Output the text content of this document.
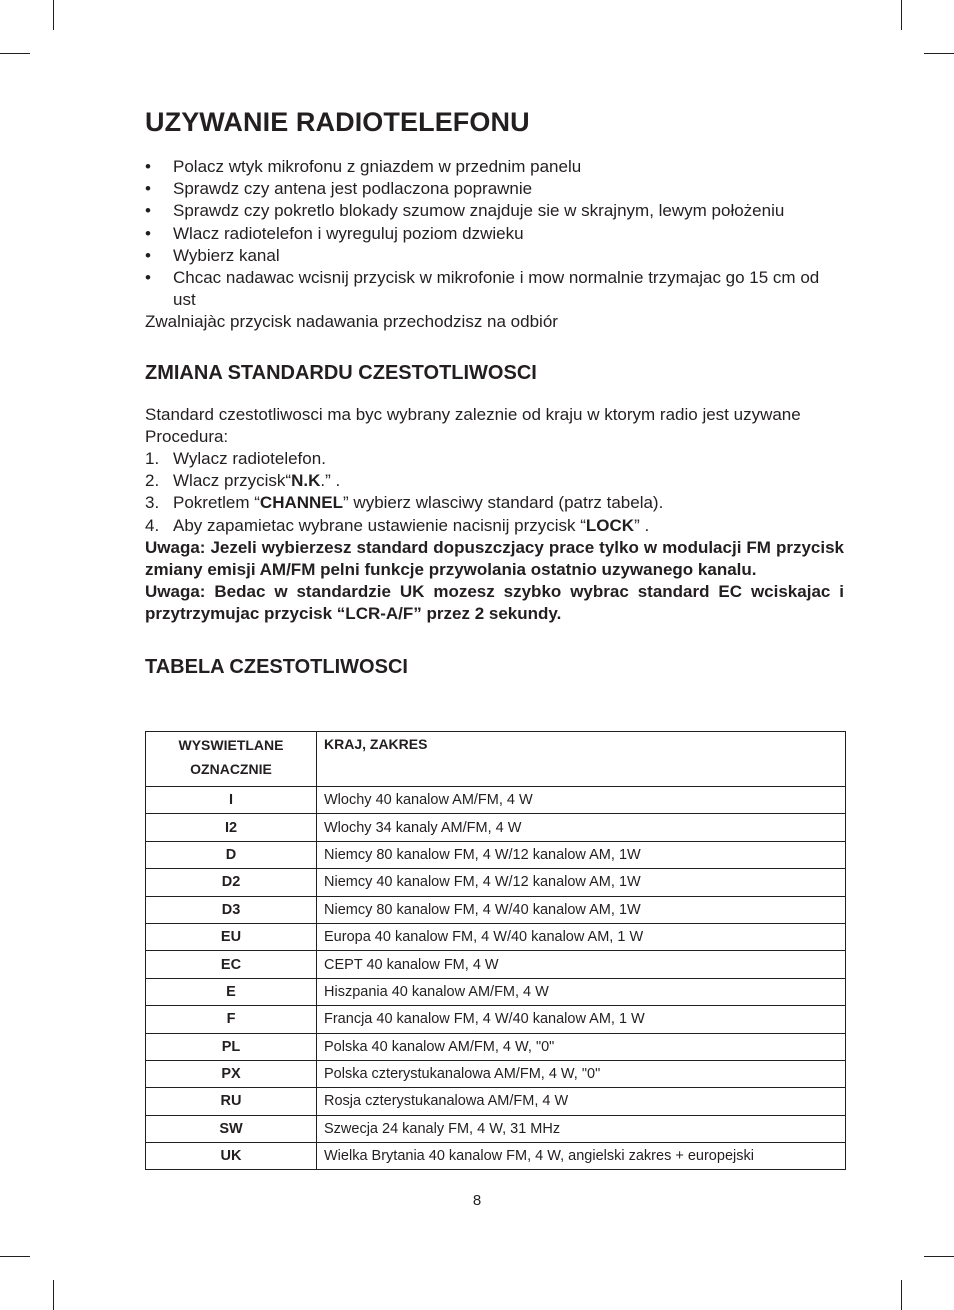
UZYWANIE RADIOTELEFONU
• Polacz wtyk mikrofonu z gniazdem w przednim panelu
• Sprawdz czy antena jest podlaczona poprawnie
• Sprawdz czy pokretlo blokady szumow znajduje sie w skrajnym, lewym położeniu
• Wlacz radiotelefon i wyreguluj poziom dzwieku
• Wybierz kanal
• Chcac nadawac wcisnij przycisk w mikrofonie i mow normalnie trzymajac go 15 cm od ust

Zwalniajàc przycisk nadawania przechodzisz na odbiór

ZMIANA STANDARDU CZESTOTLIWOSCI

Standard czestotliwosci ma byc wybrany zaleznie od kraju w ktorym radio jest uzywane

Procedura:

1. Wylacz radiotelefon.
2. Wlacz przycisk“N.K.” .
3. Pokretlem “CHANNEL” wybierz wlasciwy standard (patrz tabela).
4. Aby zapamietac wybrane ustawienie nacisnij przycisk “LOCK” .

Uwaga: Jezeli wybierzesz standard dopuszczjacy prace tylko w modulacji FM przycisk zmiany emisji AM/FM pelni funkcje przywolania ostatnio uzywanego kanalu.

Uwaga: Bedac w standardzie UK mozesz szybko wybrac standard EC wciskajac i przytrzymujac przycisk “LCR-A/F” przez 2 sekundy.

TABELA CZESTOTLIWOSCI
WYSWIETLANE
OZNACZNIE	KRAJ, ZAKRES
I	Wlochy 40 kanalow AM/FM, 4 W
I2	Wlochy 34 kanaly AM/FM, 4 W
D	Niemcy 80 kanalow FM, 4 W/12 kanalow AM, 1W
D2	Niemcy 40 kanalow FM, 4 W/12 kanalow AM, 1W
D3	Niemcy 80 kanalow FM, 4 W/40 kanalow AM, 1W
EU	Europa 40 kanalow FM, 4 W/40 kanalow AM, 1 W
EC	CEPT 40 kanalow FM, 4 W
E	Hiszpania 40 kanalow AM/FM, 4 W
F	Francja 40 kanalow FM, 4 W/40 kanalow AM, 1 W
PL	Polska 40 kanalow AM/FM, 4 W, "0"
PX	Polska czterystukanalowa AM/FM, 4 W, "0"
RU	Rosja czterystukanalowa AM/FM, 4 W
SW	Szwecja 24 kanaly FM, 4 W, 31 MHz
UK	Wielka Brytania 40 kanalow FM, 4 W, angielski zakres + europejski
8
